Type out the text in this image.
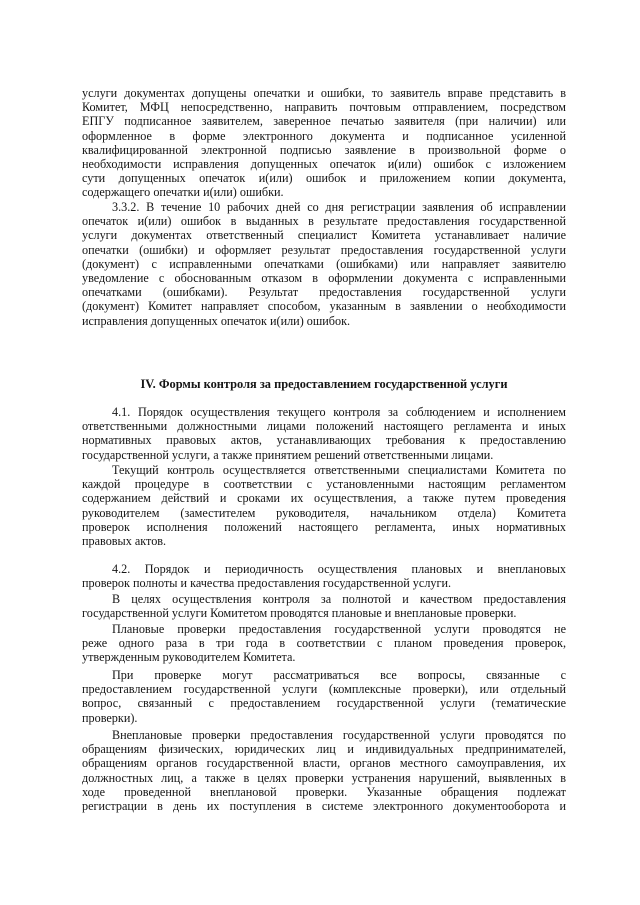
услуги документах допущены опечатки и ошибки, то заявитель вправе представить в
Комитет, МФЦ непосредственно, направить почтовым отправлением, посредством
ЕПГУ подписанное заявителем, заверенное печатью заявителя (при наличии) или
оформленное в форме электронного документа и подписанное усиленной
квалифицированной электронной подписью заявление в произвольной форме о
необходимости исправления допущенных опечаток и(или) ошибок с изложением
сути допущенных опечаток и(или) ошибок и приложением копии документа,
содержащего опечатки и(или) ошибки.
3.3.2. В течение 10 рабочих дней со дня регистрации заявления об исправлении
опечаток и(или) ошибок в выданных в результате предоставления государственной
услуги документах ответственный специалист Комитета устанавливает наличие
опечатки (ошибки) и оформляет результат предоставления государственной услуги
(документ) с исправленными опечатками (ошибками) или направляет заявителю
уведомление с обоснованным отказом в оформлении документа с исправленными
опечатками (ошибками). Результат предоставления государственной услуги
(документ) Комитет направляет способом, указанным в заявлении о необходимости
исправления допущенных опечаток и(или) ошибок.
IV. Формы контроля за предоставлением государственной услуги
4.1. Порядок осуществления текущего контроля за соблюдением и исполнением
ответственными должностными лицами положений настоящего регламента и иных
нормативных правовых актов, устанавливающих требования к предоставлению
государственной услуги, а также принятием решений ответственными лицами.
Текущий контроль осуществляется ответственными специалистами Комитета по
каждой процедуре в соответствии с установленными настоящим регламентом
содержанием действий и сроками их осуществления, а также путем проведения
руководителем (заместителем руководителя, начальником отдела) Комитета
проверок исполнения положений настоящего регламента, иных нормативных
правовых актов.
4.2. Порядок и периодичность осуществления плановых и внеплановых
проверок полноты и качества предоставления государственной услуги.
В целях осуществления контроля за полнотой и качеством предоставления
государственной услуги Комитетом проводятся плановые и внеплановые проверки.
Плановые проверки предоставления государственной услуги проводятся не
реже одного раза в три года в соответствии с планом проведения проверок,
утвержденным руководителем Комитета.
При проверке могут рассматриваться все вопросы, связанные с
предоставлением государственной услуги (комплексные проверки), или отдельный
вопрос, связанный с предоставлением государственной услуги (тематические
проверки).
Внеплановые проверки предоставления государственной услуги проводятся по
обращениям физических, юридических лиц и индивидуальных предпринимателей,
обращениям органов государственной власти, органов местного самоуправления, их
должностных лиц, а также в целях проверки устранения нарушений, выявленных в
ходе проведенной внеплановой проверки. Указанные обращения подлежат
регистрации в день их поступления в системе электронного документооборота и
